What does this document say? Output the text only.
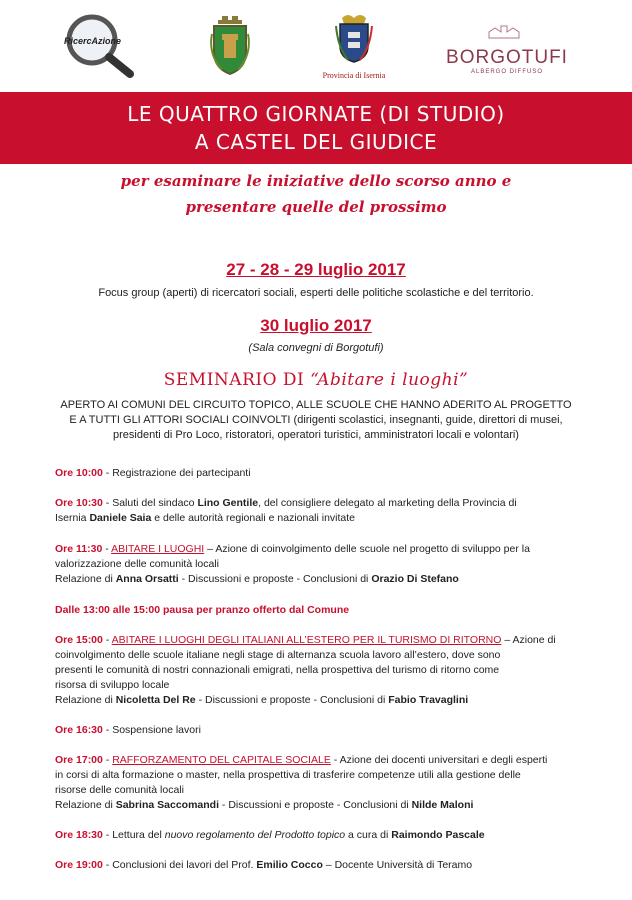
RicercAzione
Provincia di Isernia
BORGOTUFI
ALBERGO DIFFUSO
LE QUATTRO GIORNATE (DI STUDIO)
A CASTEL DEL GIUDICE
per esaminare le iniziative dello scorso anno e
presentare quelle del prossimo
27 - 28 - 29 luglio 2017
Focus group (aperti) di ricercatori sociali, esperti delle politiche scolastiche e del territorio.
30 luglio 2017
(Sala convegni di Borgotufi)
SEMINARIO DI “Abitare i luoghi”
APERTO AI COMUNI DEL CIRCUITO TOPICO, ALLE SCUOLE CHE HANNO ADERITO AL PROGETTO
E A TUTTI GLI ATTORI SOCIALI COINVOLTI (dirigenti scolastici, insegnanti, guide, direttori di musei,
presidenti di Pro Loco, ristoratori, operatori turistici, amministratori locali e volontari)
Ore 10:00 - Registrazione dei partecipanti
Ore 10:30 - Saluti del sindaco Lino Gentile, del consigliere delegato al marketing della Provincia di
Isernia Daniele Saia e delle autorità regionali e nazionali invitate
Ore 11:30 - ABITARE I LUOGHI – Azione di coinvolgimento delle scuole nel progetto di sviluppo per la
valorizzazione delle comunità locali
Relazione di Anna Orsatti - Discussioni e proposte - Conclusioni di Orazio Di Stefano
Dalle 13:00 alle 15:00 pausa per pranzo offerto dal Comune
Ore 15:00 - ABITARE I LUOGHI DEGLI ITALIANI ALL’ESTERO PER IL TURISMO DI RITORNO – Azione di
coinvolgimento delle scuole italiane negli stage di alternanza scuola lavoro all’estero, dove sono
presenti le comunità di nostri connazionali emigrati, nella prospettiva del turismo di ritorno come
risorsa di sviluppo locale
Relazione di Nicoletta Del Re - Discussioni e proposte - Conclusioni di Fabio Travaglini
Ore 16:30 - Sospensione lavori
Ore 17:00 - RAFFORZAMENTO DEL CAPITALE SOCIALE - Azione dei docenti universitari e degli esperti
in corsi di alta formazione o master, nella prospettiva di trasferire competenze utili alla gestione delle
risorse delle comunità locali
Relazione di Sabrina Saccomandi - Discussioni e proposte - Conclusioni di Nilde Maloni
Ore 18:30 - Lettura del nuovo regolamento del Prodotto topico a cura di Raimondo Pascale
Ore 19:00 - Conclusioni dei lavori del Prof. Emilio Cocco – Docente Università di Teramo
